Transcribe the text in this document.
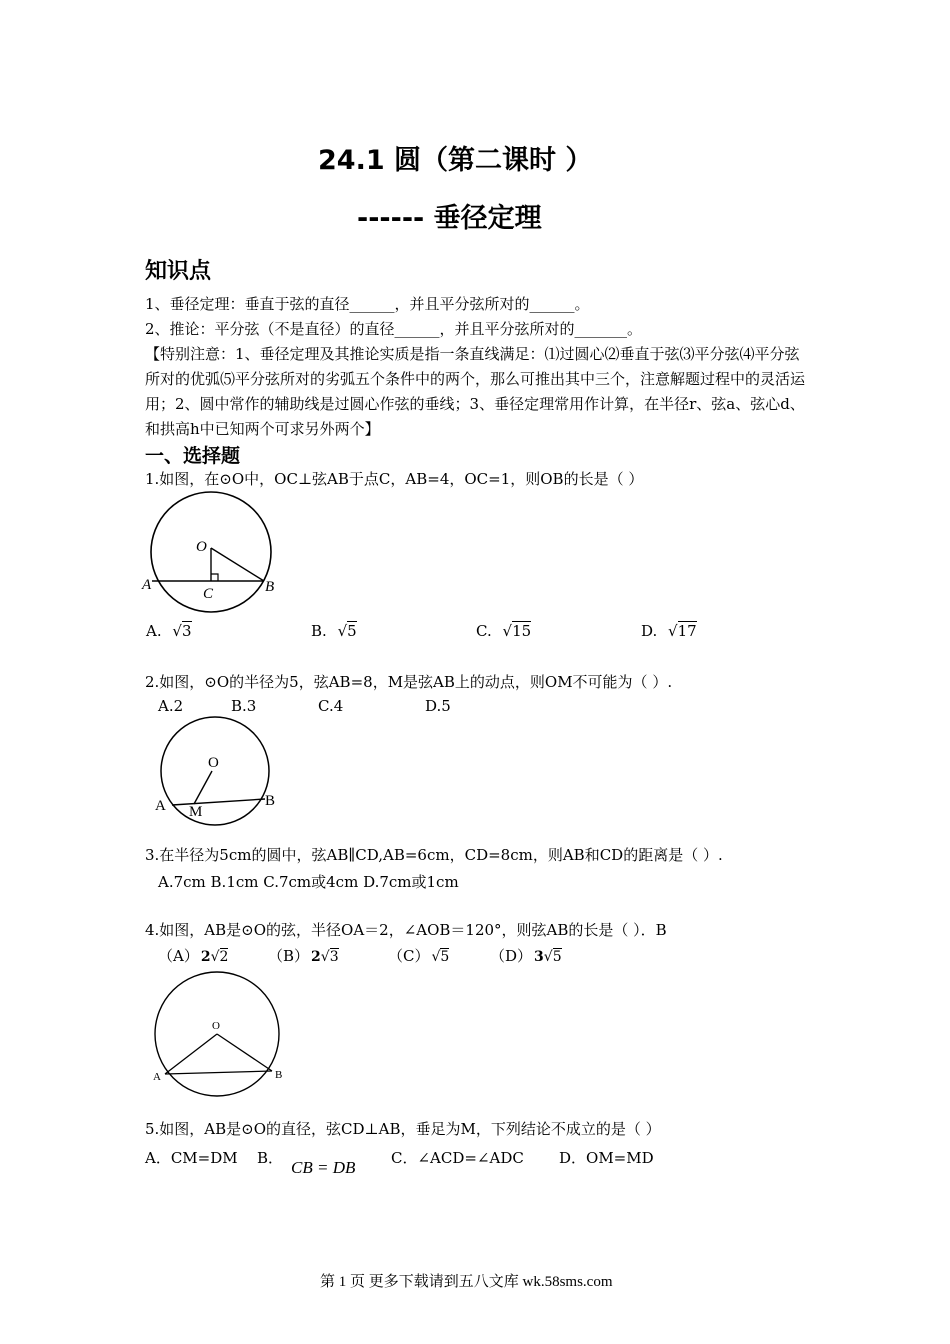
24.1 圆（第二课时 ）
------ 垂径定理
知识点
1、垂径定理：垂直于弦的直径______，并且平分弦所对的______。
2、推论：平分弦（不是直径）的直径______，并且平分弦所对的_______。
【特别注意：1、垂径定理及其推论实质是指一条直线满足：⑴过圆心⑵垂直于弦⑶平分弦⑷平分弦所对的优弧⑸平分弦所对的劣弧五个条件中的两个，那么可推出其中三个，注意解题过程中的灵活运用；2、圆中常作的辅助线是过圆心作弦的垂线；3、垂径定理常用作计算，在半径r、弦a、弦心d、和拱高h中已知两个可求另外两个】
一、选择题
1.如图，在⊙O中，OC⊥弦AB于点C，AB=4，OC=1，则OB的长是（ ）
O
A	B
C
A. √3	B. √5	C. √15	D. √17
2.如图，⊙O的半径为5，弦AB=8，M是弦AB上的动点，则OM不可能为（ ）.
A.2	B.3	C.4	D.5
O
A	B
M
3.在半径为5cm的圆中，弦AB∥CD,AB=6cm，CD=8cm，则AB和CD的距离是（ ）.
A.7cm B.1cm C.7cm或4cm D.7cm或1cm
4.如图，AB是⊙O的弦，半径OA＝2，∠AOB＝120°，则弦AB的长是（ ）．B
（A） 2√2	（B） 2√3	（C） √5	（D） 3√5
O
A	B
5.如图，AB是⊙O的直径，弦CD⊥AB，垂足为M，下列结论不成立的是（ ）
A．CM=DM B． CB = DB C．∠ACD=∠ADC D．OM=MD
第 1 页 更多下载请到五八文库 wk.58sms.com
